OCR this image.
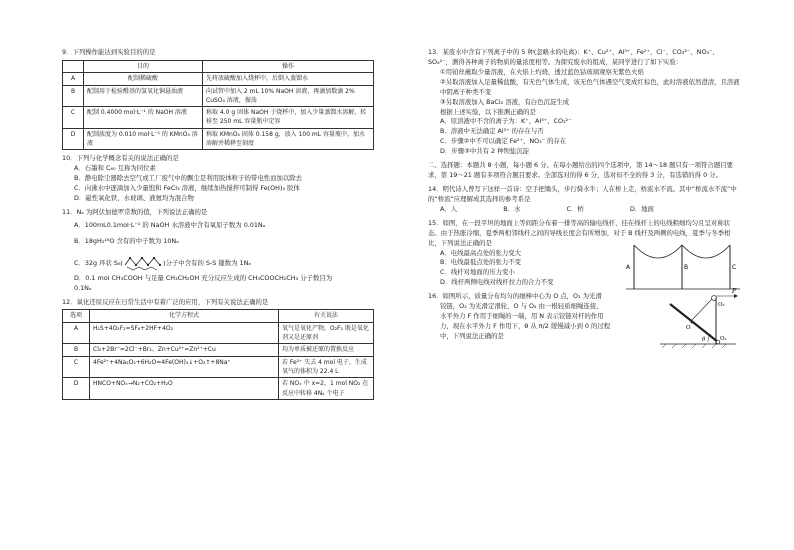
9．下列操作能达到实验目的的是

	目的	操作
A	配制稀硫酸	先将浓硫酸加入烧杯中，后倒入蒸馏水
B	配制用于检验醛基的氢氧化铜悬浊液	向试管中加入 2 mL 10% NaOH 溶液，再滴加数滴 2% CuSO₄ 溶液，振荡
C	配制 0.4000 mol·L⁻¹ 的 NaOH 溶液	称取 4.0 g 固体 NaOH 于烧杯中，加入少量蒸馏水溶解，转移至 250 mL 容量瓶中定容
D	配制浓度为 0.010 mol·L⁻¹ 的 KMnO₄ 溶液	称取 KMnO₄ 固体 0.158 g，放入 100 mL 容量瓶中，加水溶解并稀释至刻度

10．下列与化学概念有关的说法正确的是

A．石墨和 C₆₀ 互称为同位素

B．静电除尘器除去空气或工厂废气中的飘尘是利用胶体粒子的带电性而加以除去

C．向沸水中逐滴加入少量饱和 FeCl₃ 溶液，继续加热搅拌可制得 Fe(OH)₃ 胶体

D．磁性氧化铁、水玻璃、液氨均为混合物

11．Nₐ 为阿伏加德罗常数的值，下列说法正确的是

A．100mL0.1mol·L⁻¹ 的 NaOH 水溶液中含有氧原子数为 0.01Nₐ

B．18gH₂¹⁸O 含有的中子数为 10Nₐ

C．32g 环状 S₈(	)分子中含有的 S-S 键数为 1Nₐ

D．0.1 mol CH₃COOH 与足量 CH₃CH₂OH 充分反应生成的 CH₃COOCH₂CH₃ 分子数目为

0.1Nₐ

12．氧化还原反应在日常生活中有着广泛的应用，下列有关说法正确的是

选项	化学方程式	有关说法
A	H₂S+4O₂F₂=SF₆+2HF+4O₂	氧气是氧化产物，O₂F₂ 既是氧化剂又是还原剂
B	Cl₂+2Br⁻=2Cl⁻+Br₂、Zn+Cu²⁺=Zn²⁺+Cu	均为单质被还原的置换反应
C	4Fe²⁺+4Na₂O₂+6H₂O=4Fe(OH)₃↓+O₂↑+8Na⁺	若 Fe²⁺ 失去 4 mol 电子，生成氧气的体积为 22.4 L
D	HNCO+NOₓ→N₂+CO₂+H₂O	若 NOₓ 中 x=2，1 mol NO₂ 在反应中转移 4Nₐ 个电子

13．某废水中含有下列离子中的 5 种(忽略水的电离)：K⁺、Cu²⁺、Al³⁺、Fe²⁺、Cl⁻、CO₃²⁻、NO₃⁻、SO₄²⁻，测得各种离子的物质的量浓度相等。为探究废水的组成，某同学进行了如下实验：

①用铂丝蘸取少量溶液，在火焰上灼烧，透过蓝色钴玻璃观察无紫色火焰

②另取溶液加入足量稀盐酸，有无色气体生成，该无色气体遇空气变成红棕色，此时溶液依然澄清，且溶液中阴离子种类不变

③另取溶液加入 BaCl₂ 溶液，有白色沉淀生成

根据上述实验，以下推测正确的是

A．原溶液中不含的离子为：K⁺、Al³⁺、CO₃²⁻

B．溶液中无法确定 Al³⁺ 的存在与否

C．步骤②中不可以确定 Fe²⁺、NO₃⁻ 的存在

D．步骤③中共有 2 种钡盐沉淀

二、选择题：本题共 8 小题，每小题 6 分。在每小题给出的四个选项中，第 14～18 题只有一项符合题目要求，第 19～21 题有多项符合题目要求。全部选对的得 6 分，选对但不全的得 3 分，有选错的得 0 分。

14．明代诗人曾写下这样一首诗：空手把锄头，步行骑水牛；人在桥上走，桥流水不流。其中“桥流水不流”中的“桥流”应理解成其选择的参考系是

A．人	B．水	C．桥	D．地面

15．如图，在一段平坦的地面上等间距分布着一排等高的输电线杆，挂在线杆上的电线粗细均匀且呈对称状态。由于热胀冷缩，夏季两相邻线杆之间的导线长度会有所增加，对于 B 线杆及两侧的电线，夏季与冬季相比，下列说法正确的是

A．电线最高点处的张力变大

B．电线最低点处的张力不变

C．线杆对地面的压力变小

D．线杆两侧电线对线杆拉力的合力不变

A	B	C

16．如图所示，质量分布均匀的细棒中心为 O 点，O₁ 为光滑

铰链，O₂ 为光滑定滑轮，O 与 O₂ 由一根轻质细绳连接，

水平外力 F 作用于细绳的一端，用 N 表示铰链对杆的作用

力，现在水平外力 F 作用下，θ 从 π/2 缓慢减小到 0 的过程

中，下列说法正确的是

F
O₂
O₁
O
θ
